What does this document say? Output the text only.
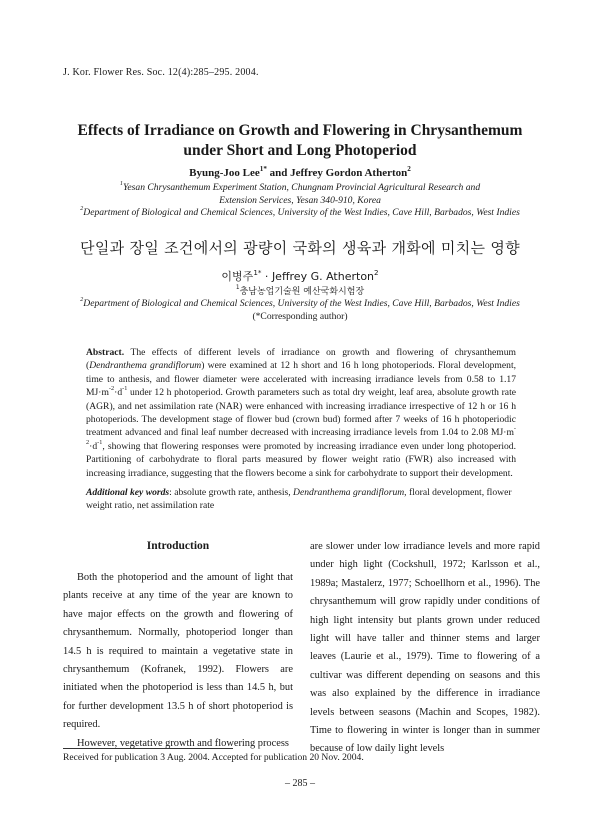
J. Kor. Flower Res. Soc. 12(4):285–295. 2004.
Effects of Irradiance on Growth and Flowering in Chrysanthemum
under Short and Long Photoperiod
Byung-Joo Lee$^{1*}$ and Jeffrey Gordon Atherton$^2$
$^1$Yesan Chrysanthemum Experiment Station, Chungnam Provincial Agricultural Research and
Extension Services, Yesan 340-910, Korea
$^2$Department of Biological and Chemical Sciences, University of the West Indies, Cave Hill, Barbados, West Indies
단일과 장일 조건에서의 광량이 국화의 생육과 개화에 미치는 영향
이병주$^{1*}$ · Jeffrey G. Atherton$^2$
$^1$충남농업기술원 예산국화시험장
$^2$Department of Biological and Chemical Sciences, University of the West Indies, Cave Hill, Barbados, West Indies
(*Corresponding author)
Abstract. The effects of different levels of irradiance on growth and flowering of chrysanthemum (Dendranthema grandiflorum) were examined at 12 h short and 16 h long photoperiods. Floral development, time to anthesis, and flower diameter were accelerated with increasing irradiance levels from 0.58 to 1.17 $MJ\cdot m^{-2}\cdot d^{-1}$ under 12 h photoperiod. Growth parameters such as total dry weight, leaf area, absolute growth rate (AGR), and net assimilation rate (NAR) were enhanced with increasing irradiance irrespective of 12 h or 16 h photoperiods. The development stage of flower bud (crown bud) formed after 7 weeks of 16 h photoperiodic treatment advanced and final leaf number decreased with increasing irradiance levels from 1.04 to 2.08 $MJ\cdot m^{-2}\cdot d^{-1}$, showing that flowering responses were promoted by increasing irradiance even under long photoperiod. Partitioning of carbohydrate to floral parts measured by flower weight ratio (FWR) also increased with increasing irradiance, suggesting that the flowers become a sink for carbohydrate to support their development.
Additional key words: absolute growth rate, anthesis, Dendranthema grandiflorum, floral development, flower weight ratio, net assimilation rate
Introduction

Both the photoperiod and the amount of light that plants receive at any time of the year are known to have major effects on the growth and flowering of chrysanthemum. Normally, photoperiod longer than 14.5 h is required to maintain a vegetative state in chrysanthemum (Kofranek, 1992). Flowers are initiated when the photoperiod is less than 14.5 h, but for further development 13.5 h of short photoperiod is required.

However, vegetative growth and flowering process

are slower under low irradiance levels and more rapid under high light (Cockshull, 1972; Karlsson et al., 1989a; Mastalerz, 1977; Schoellhorn et al., 1996). The chrysanthemum will grow rapidly under conditions of high light intensity but plants grown under reduced light will have taller and thinner stems and larger leaves (Laurie et al., 1979). Time to flowering of a cultivar was different depending on seasons and this was also explained by the difference in irradiance levels between seasons (Machin and Scopes, 1982). Time to flowering in winter is longer than in summer because of low daily light levels

Received for publication 3 Aug. 2004. Accepted for publication 20 Nov. 2004.
– 285 –
